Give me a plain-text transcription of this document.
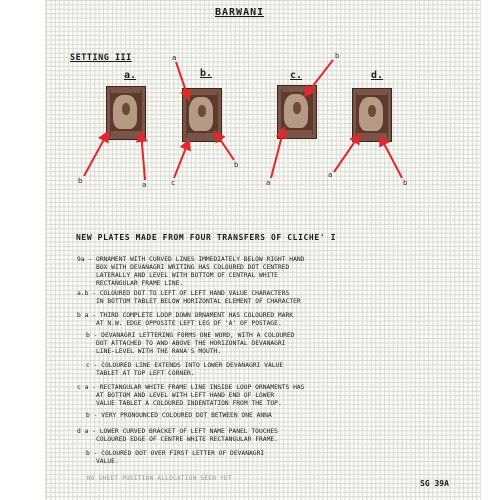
BARWANI
SETTING III
a.	b.	c.	d.
b	a
a
c
b
b
a
a
b
NEW PLATES MADE FROM FOUR TRANSFERS OF CLICHE' I
9a - ORNAMENT WITH CURVED LINES IMMEDIATELY BELOW RIGHT HAND
BOX WITH DEVANAGRI WRITING HAS COLOURED DOT CENTRED
LATERALLY AND LEVEL WITH BOTTOM OF CENTRAL WHITE
RECTANGULAR FRAME LINE.
a.b - COLOURED DOT TO LEFT OF LEFT HAND VALUE CHARACTERS
IN BOTTOM TABLET BELOW HORIZONTAL ELEMENT OF CHARACTER
b a - THIRD COMPLETE LOOP DOWN ORNAMENT HAS COLOURED MARK
AT N.W. EDGE OPPOSITE LEFT LEG OF 'A' OF POSTAGE.
b - DEVANAGRI LETTERING FORMS ONE WORD, WITH A COLOURED
DOT ATTACHED TO AND ABOVE THE HORIZONTAL DEVANAGRI
LINE-LEVEL WITH THE RANA'S MOUTH.
c - COLOURED LINE EXTENDS INTO LOWER DEVANAGRI VALUE
TABLET AT TOP LEFT CORNER.
c a - RECTANGULAR WHITE FRAME LINE INSIDE LOOP ORNAMENTS HAS
AT BOTTOM AND LEVEL WITH LEFT HAND END OF LOWER
VALUE TABLET A COLOURED INDENTATION FROM THE TOP.
b - VERY PRONOUNCED COLOURED DOT BETWEEN ONE ANNA
d a - LOWER CURVED BRACKET OF LEFT NAME PANEL TOUCHES
COLOURED EDGE OF CENTRE WHITE RECTANGULAR FRAME.
b - COLOURED DOT OVER FIRST LETTER OF DEVANAGRI
VALUE.
NO SHEET POSITION ALLOCATION SEEN YET
SG 39A
